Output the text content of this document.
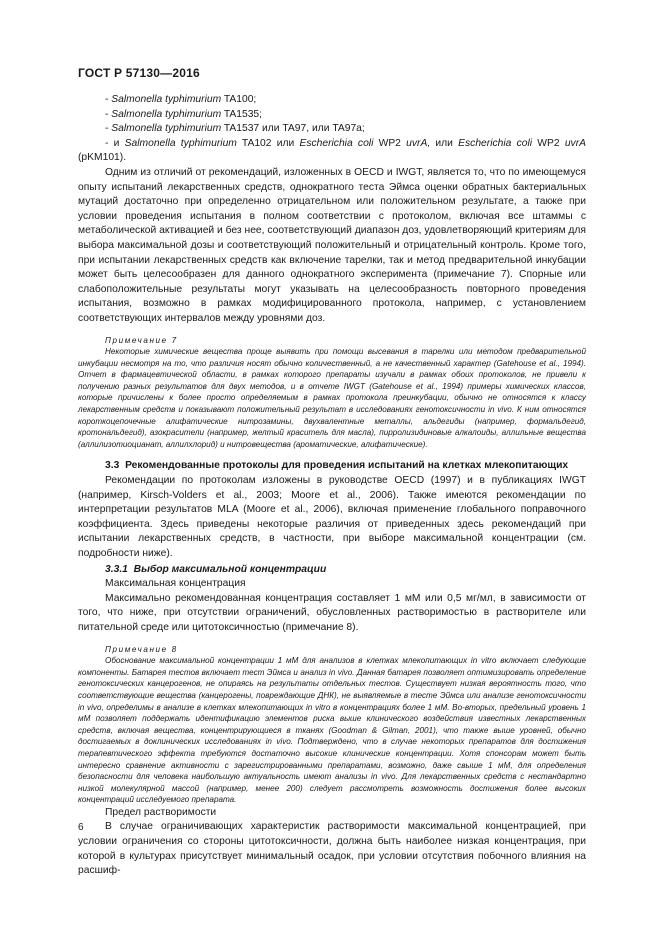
ГОСТ Р 57130—2016

- Salmonella typhimurium TA100;

- Salmonella typhimurium TA1535;

- Salmonella typhimurium TA1537 или TA97, или TA97a;

- и Salmonella typhimurium TA102 или Escherichia coli WP2 uvrA, или Escherichia coli WP2 uvrA (pKM101).

Одним из отличий от рекомендаций, изложенных в OECD и IWGT, является то, что по имеющемуся опыту испытаний лекарственных средств, однократного теста Эймса оценки обратных бактериальных мутаций достаточно при определенно отрицательном или положительном результате, а также при условии проведения испытания в полном соответствии с протоколом, включая все штаммы с метаболической активацией и без нее, соответствующий диапазон доз, удовлетворяющий критериям для выбора максимальной дозы и соответствующий положительный и отрицательный контроль. Кроме того, при испытании лекарственных средств как включение тарелки, так и метод предварительной инкубации может быть целесообразен для данного однократного эксперимента (примечание 7). Спорные или слабоположительные результаты могут указывать на целесообразность повторного проведения испытания, возможно в рамках модифицированного протокола, например, с установлением соответствующих интервалов между уровнями доз.

Примечание 7

Некоторые химические вещества проще выявить при помощи высевания в тарелки или методом предварительной инкубации несмотря на то, что различия носят обычно количественный, а не качественный характер (Gatehouse et al., 1994). Отчет в фармацевтической области, в рамках которого препараты изучали в рамках обоих протоколов, не привели к получению разных результатов для двух методов, и в отчете IWGT (Gatehouse et al., 1994) примеры химических классов, которые причислены к более просто определяемым в рамках протокола преинкубации, обычно не относятся к классу лекарственным средств и показывают положительный результат в исследованиях генотоксичности in vivo. К ним относятся короткоцепочечные алифатические нитрозамины, двухвалентные металлы, альдегиды (например, формальдегид, кротональдегид), азокрасители (например, желтый краситель для масла), пирролизидиновые алкалоиды, аллильные вещества (аллилизотиоцианат, аллилхлорид) и нитровещества (ароматические, алифатические).

3.3 Рекомендованные протоколы для проведения испытаний на клетках млекопитающих

Рекомендации по протоколам изложены в руководстве OECD (1997) и в публикациях IWGT (например, Kirsch-Volders et al., 2003; Moore et al., 2006). Также имеются рекомендации по интерпретации результатов MLA (Moore et al., 2006), включая применение глобального поправочного коэффициента. Здесь приведены некоторые различия от приведенных здесь рекомендаций при испытании лекарственных средств, в частности, при выборе максимальной концентрации (см. подробности ниже).

3.3.1 Выбор максимальной концентрации

Максимальная концентрация

Максимально рекомендованная концентрация составляет 1 мМ или 0,5 мг/мл, в зависимости от того, что ниже, при отсутствии ограничений, обусловленных растворимостью в растворителе или питательной среде или цитотоксичностью (примечание 8).

Примечание 8

Обоснование максимальной концентрации 1 мМ для анализов в клетках млекопитающих in vitro включает следующие компоненты. Батарея тестов включает тест Эймса и анализ in vivo. Данная батарея позволяет оптимизировать определение генотоксических канцерогенов, не опираясь на результаты отдельных тестов. Существует низкая вероятность того, что соответствующие вещества (канцерогены, повреждающие ДНК), не выявляемые в тесте Эймса или анализе генотоксичности in vivo, определимы в анализе в клетках млекопитающих in vitro в концентрациях более 1 мМ. Во-вторых, предельный уровень 1 мМ позволяет поддержать идентификацию элементов риска выше клинического воздействия известных лекарственных средств, включая вещества, концентрирующиеся в тканях (Goodman & Gilman, 2001), что также выше уровней, обычно достигаемых в доклинических исследованиях in vivo. Подтверждено, что в случае некоторых препаратов для достижения терапевтического эффекта требуются достаточно высокие клинические концентрации. Хотя спонсорам может быть интересно сравнение активности с зарегистрированными препаратами, возможно, даже свыше 1 мМ, для определения безопасности для человека наибольшую актуальность имеют анализы in vivo. Для лекарственных средств с нестандартно низкой молекулярной массой (например, менее 200) следует рассмотреть возможность достижения более высоких концентраций исследуемого препарата.

Предел растворимости

В случае ограничивающих характеристик растворимости максимальной концентрацией, при условии ограничения со стороны цитотоксичности, должна быть наиболее низкая концентрация, при которой в культурах присутствует минимальный осадок, при условии отсутствия побочного влияния на расшиф-

6
